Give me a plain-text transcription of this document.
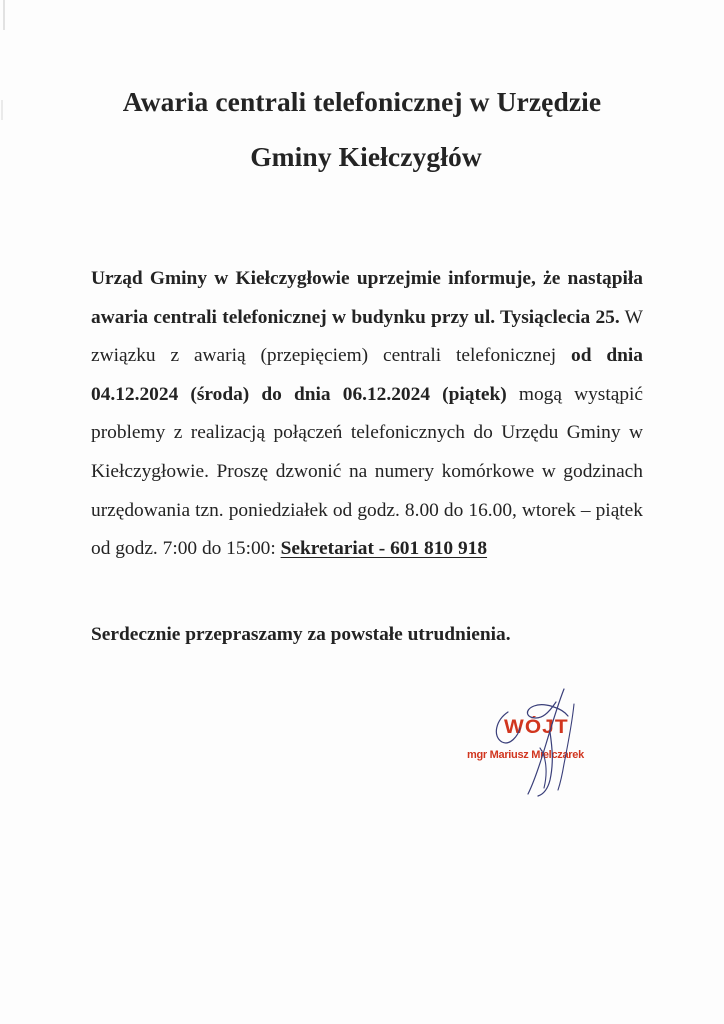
Awaria centrali telefonicznej w Urzędzie
Gminy Kiełczygłów
Urząd Gminy w Kiełczygłowie uprzejmie informuje, że nastąpiła awaria centrali telefonicznej w budynku przy ul. Tysiąclecia 25. W związku z awarią (przepięciem) centrali telefonicznej od dnia 04.12.2024 (środa) do dnia 06.12.2024 (piątek) mogą wystąpić problemy z realizacją połączeń telefonicznych do Urzędu Gminy w Kiełczygłowie. Proszę dzwonić na numery komórkowe w godzinach urzędowania tzn. poniedziałek od godz. 8.00 do 16.00, wtorek – piątek od godz. 7:00 do 15:00: Sekretariat - 601 810 918
Serdecznie przepraszamy za powstałe utrudnienia.
WÓJT
mgr Mariusz Mielczarek
